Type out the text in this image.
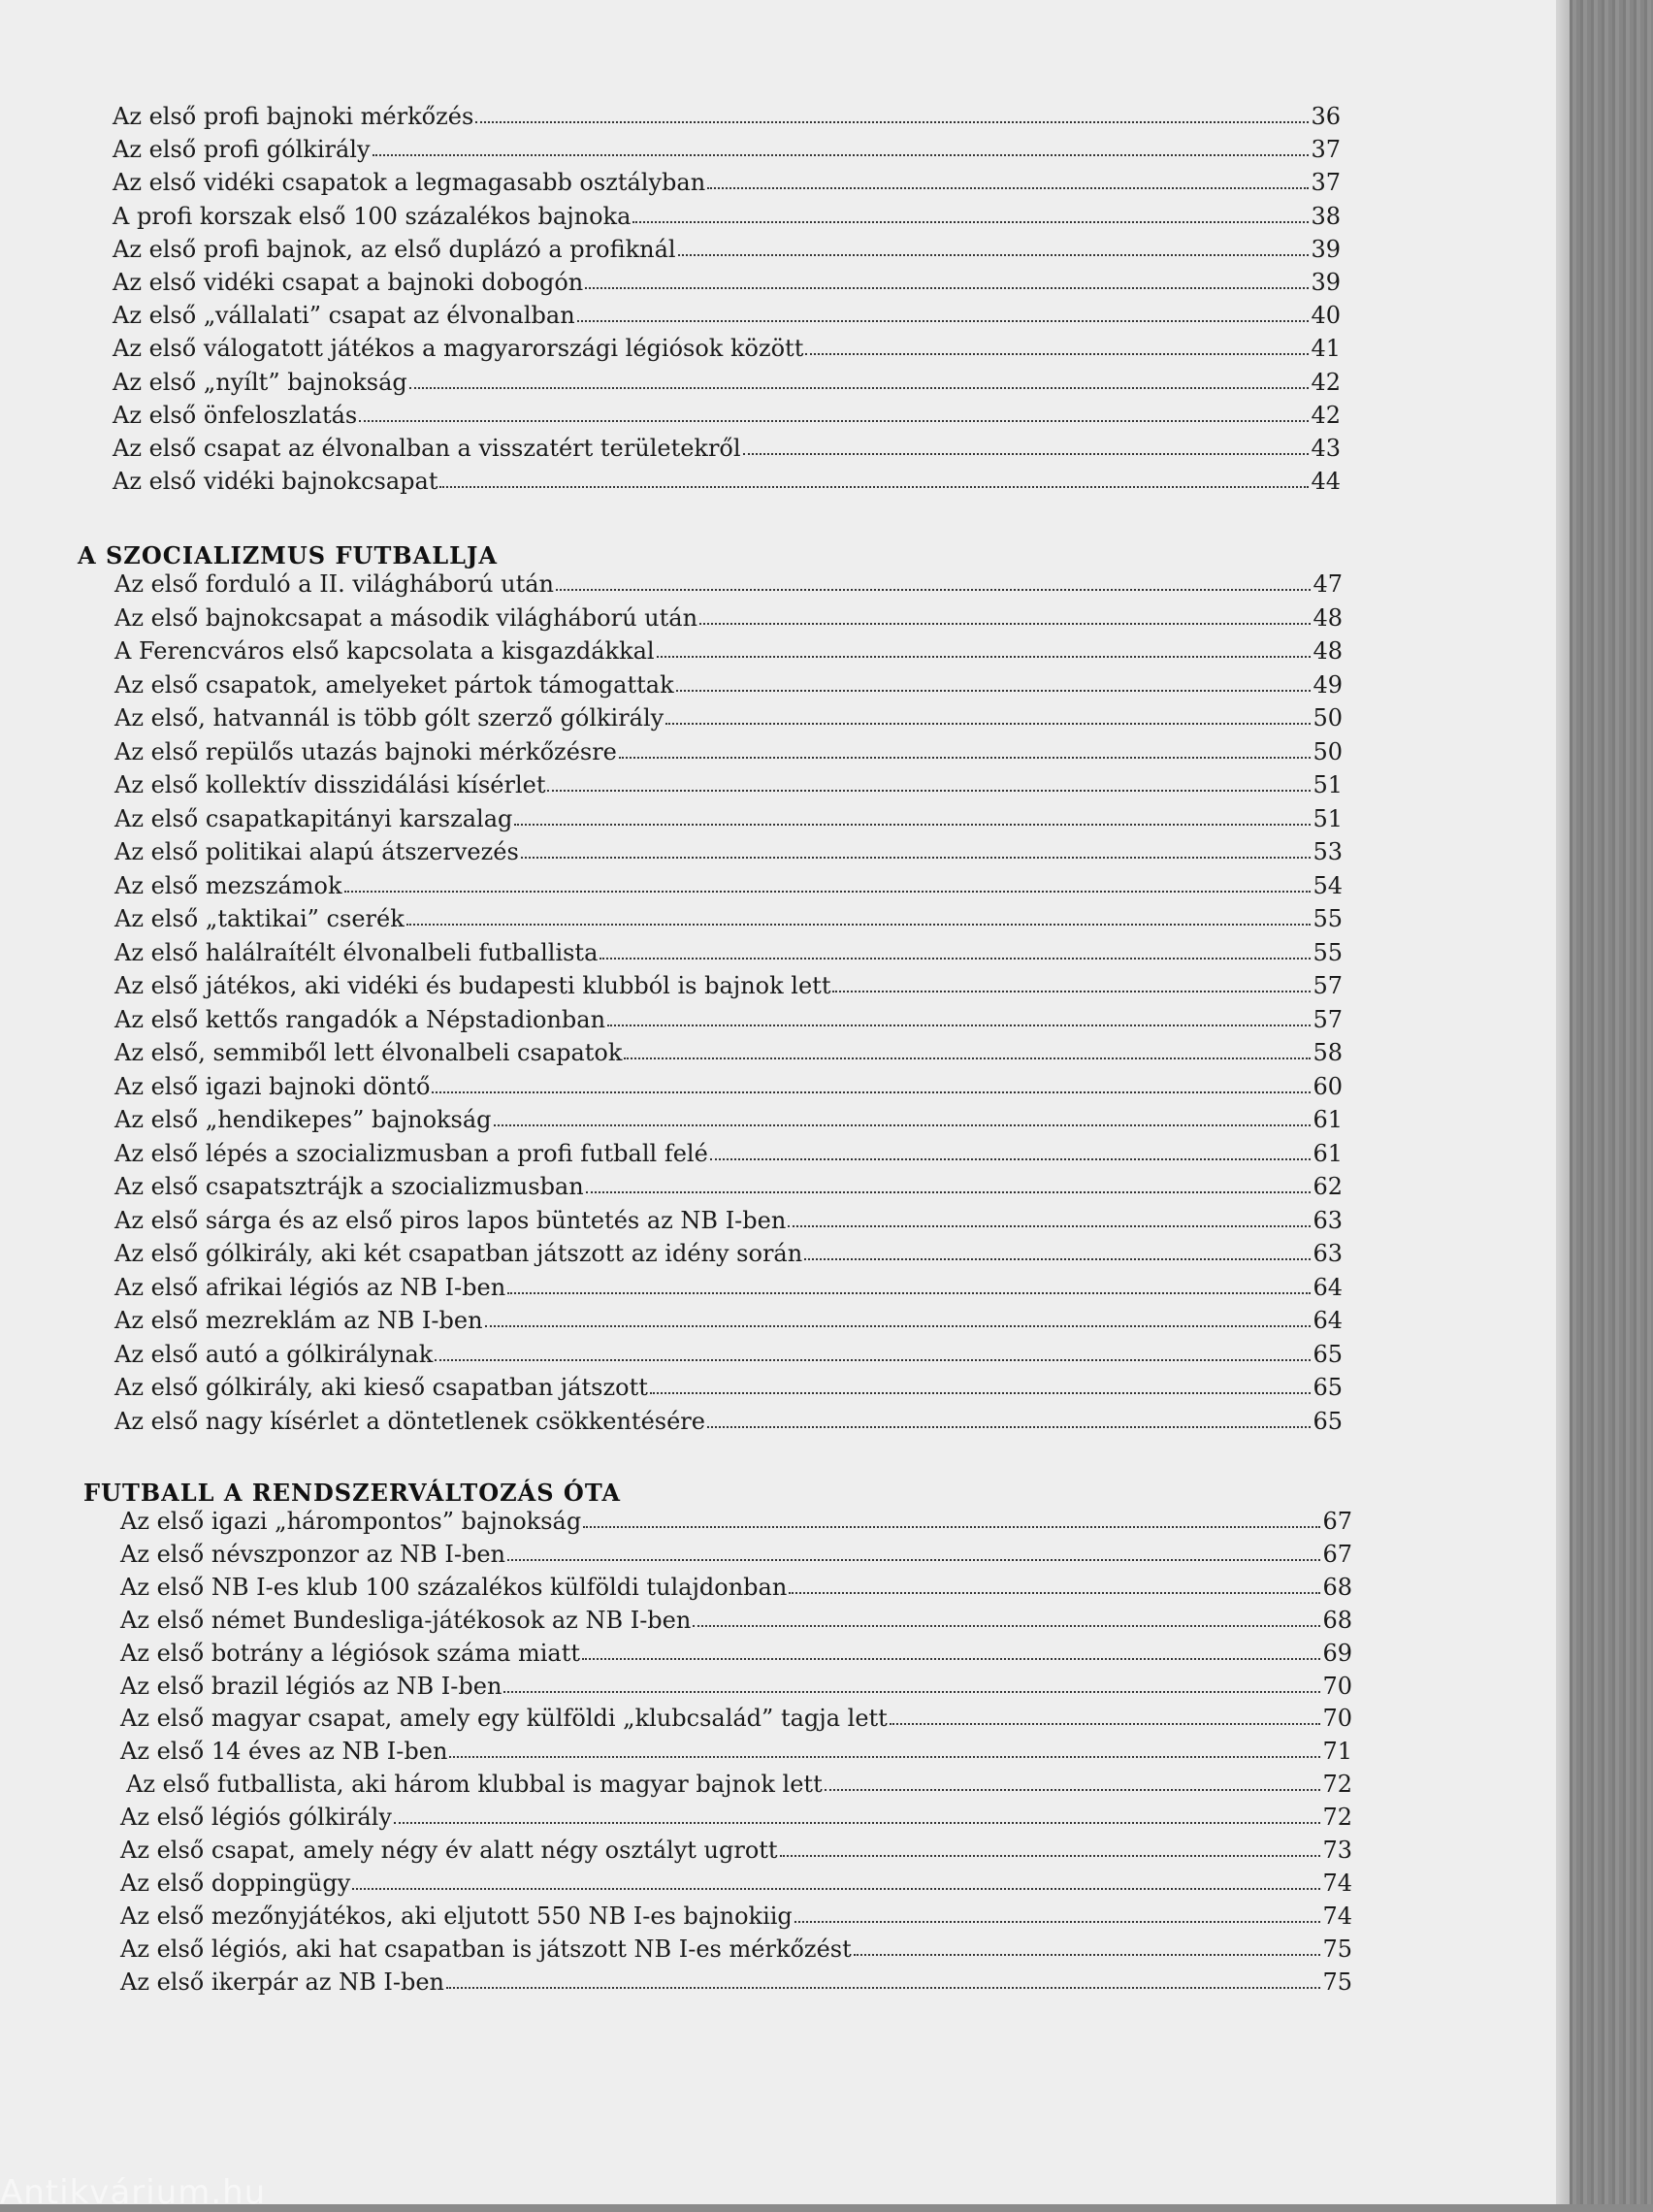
Az első profi bajnoki mérkőzés	36
Az első profi gólkirály	37
Az első vidéki csapatok a legmagasabb osztályban	37
A profi korszak első 100 százalékos bajnoka	38
Az első profi bajnok, az első duplázó a profiknál	39
Az első vidéki csapat a bajnoki dobogón	39
Az első „vállalati” csapat az élvonalban	40
Az első válogatott játékos a magyarországi légiósok között	41
Az első „nyílt” bajnokság	42
Az első önfeloszlatás	42
Az első csapat az élvonalban a visszatért területekről	43
Az első vidéki bajnokcsapat	44
A SZOCIALIZMUS FUTBALLJA
Az első forduló a II. világháború után	47
Az első bajnokcsapat a második világháború után	48
A Ferencváros első kapcsolata a kisgazdákkal	48
Az első csapatok, amelyeket pártok támogattak	49
Az első, hatvannál is több gólt szerző gólkirály	50
Az első repülős utazás bajnoki mérkőzésre	50
Az első kollektív disszidálási kísérlet	51
Az első csapatkapitányi karszalag	51
Az első politikai alapú átszervezés	53
Az első mezszámok	54
Az első „taktikai” cserék	55
Az első halálraítélt élvonalbeli futballista	55
Az első játékos, aki vidéki és budapesti klubból is bajnok lett	57
Az első kettős rangadók a Népstadionban	57
Az első, semmiből lett élvonalbeli csapatok	58
Az első igazi bajnoki döntő	60
Az első „hendikepes” bajnokság	61
Az első lépés a szocializmusban a profi futball felé	61
Az első csapatsztrájk a szocializmusban	62
Az első sárga és az első piros lapos büntetés az NB I-ben	63
Az első gólkirály, aki két csapatban játszott az idény során	63
Az első afrikai légiós az NB I-ben	64
Az első mezreklám az NB I-ben	64
Az első autó a gólkirálynak	65
Az első gólkirály, aki kieső csapatban játszott	65
Az első nagy kísérlet a döntetlenek csökkentésére	65
FUTBALL A RENDSZERVÁLTOZÁS ÓTA
Az első igazi „hárompontos” bajnokság	67
Az első névszponzor az NB I-ben	67
Az első NB I-es klub 100 százalékos külföldi tulajdonban	68
Az első német Bundesliga-játékosok az NB I-ben	68
Az első botrány a légiósok száma miatt	69
Az első brazil légiós az NB I-ben	70
Az első magyar csapat, amely egy külföldi „klubcsalád” tagja lett	70
Az első 14 éves az NB I-ben	71
Az első futballista, aki három klubbal is magyar bajnok lett	72
Az első légiós gólkirály	72
Az első csapat, amely négy év alatt négy osztályt ugrott	73
Az első doppingügy	74
Az első mezőnyjátékos, aki eljutott 550 NB I-es bajnokiig	74
Az első légiós, aki hat csapatban is játszott NB I-es mérkőzést	75
Az első ikerpár az NB I-ben	75
Antikvárium.hu
